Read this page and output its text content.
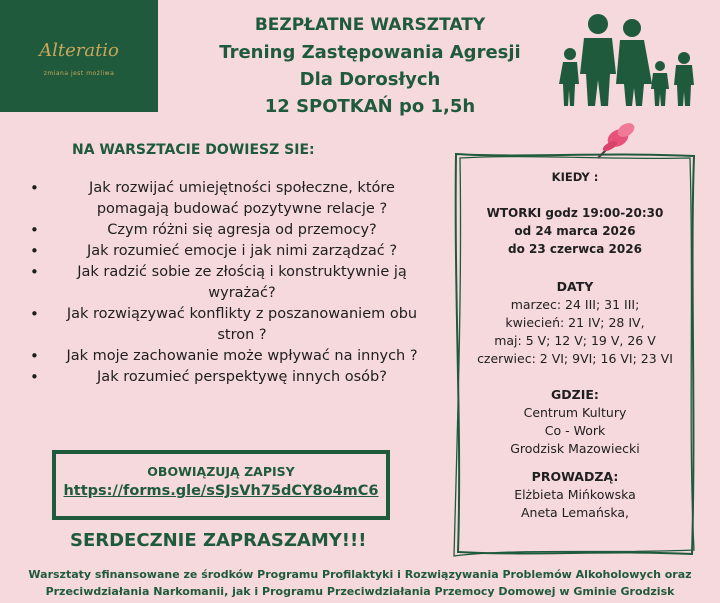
Alteratio
zmiana jest możliwa
BEZPŁATNE WARSZTATY
Trening Zastępowania Agresji
Dla Dorosłych
12 SPOTKAŃ po 1,5h
NA WARSZTACIE DOWIESZ SIE:
• Jak rozwijać umiejętności społeczne, które pomagają budować pozytywne relacje ?
• Czym różni się agresja od przemocy?
• Jak rozumieć emocje i jak nimi zarządzać ?
• Jak radzić sobie ze złością i konstruktywnie ją wyrażać?
• Jak rozwiązywać konflikty z poszanowaniem obu stron ?
• Jak moje zachowanie może wpływać na innych ?
• Jak rozumieć perspektywę innych osób?
OBOWIĄZUJĄ ZAPISY
https://forms.gle/sSJsVh75dCY8o4mC6
SERDECZNIE ZAPRASZAMY!!!
KIEDY :
WTORKI godz 19:00-20:30
od 24 marca 2026
do 23 czerwca 2026
DATY
marzec: 24 III; 31 III;
kwiecień: 21 IV; 28 IV,
maj: 5 V; 12 V; 19 V, 26 V
czerwiec: 2 VI; 9VI; 16 VI; 23 VI
GDZIE:
Centrum Kultury
Co - Work
Grodzisk Mazowiecki
PROWADZĄ:
Elżbieta Mińkowska
Aneta Lemańska,
Warsztaty sfinansowane ze środków Programu Profilaktyki i Rozwiązywania Problemów Alkoholowych oraz
Przeciwdziałania Narkomanii, jak i Programu Przeciwdziałania Przemocy Domowej w Gminie Grodzisk
